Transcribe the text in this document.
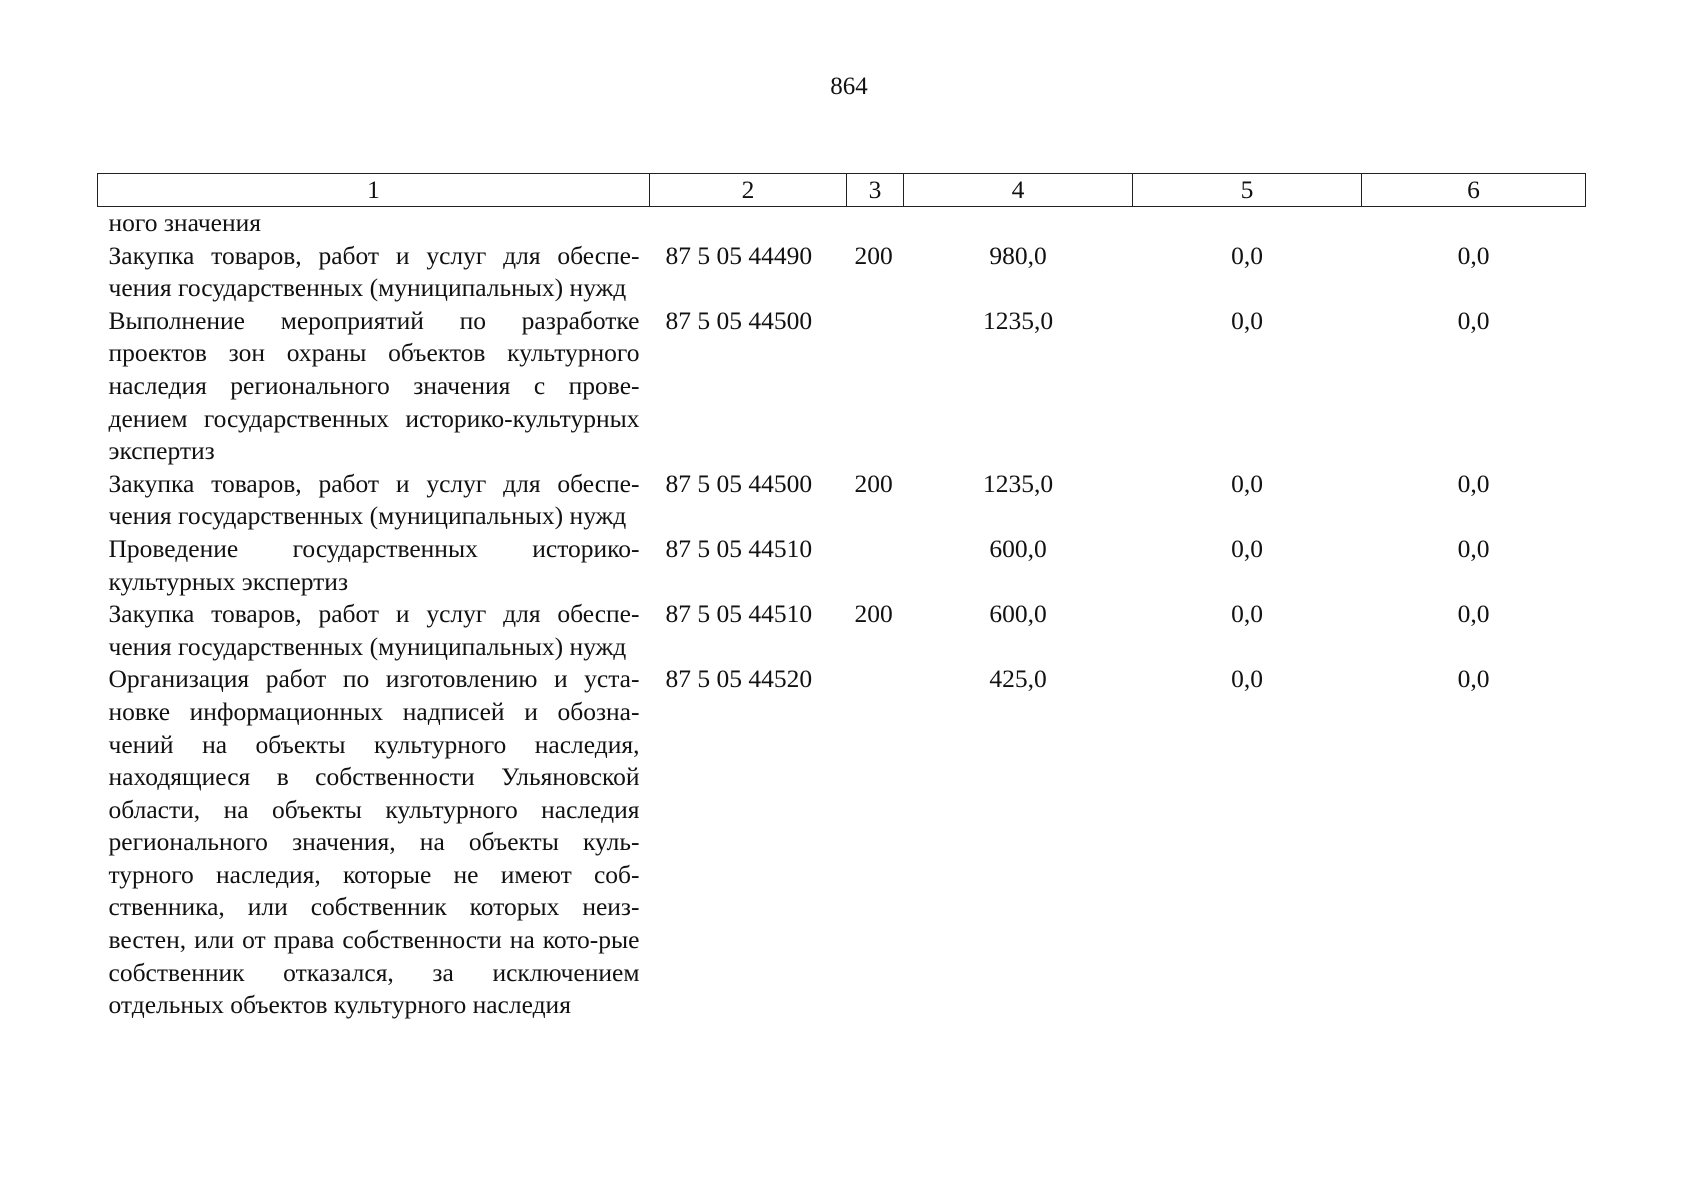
864
1	2	3	4	5	6
ного значения					
Закупка товаров, работ и услуг для обеспе-чения государственных (муниципальных) нужд	87 5 05 44490	200	980,0	0,0	0,0
Выполнение мероприятий по разработке проектов зон охраны объектов культурного наследия регионального значения с прове-дением государственных историко-культурных экспертиз	87 5 05 44500		1235,0	0,0	0,0
Закупка товаров, работ и услуг для обеспе-чения государственных (муниципальных) нужд	87 5 05 44500	200	1235,0	0,0	0,0
Проведение государственных историко-культурных экспертиз	87 5 05 44510		600,0	0,0	0,0
Закупка товаров, работ и услуг для обеспе-чения государственных (муниципальных) нужд	87 5 05 44510	200	600,0	0,0	0,0
Организация работ по изготовлению и уста-новке информационных надписей и обозна-чений на объекты культурного наследия, находящиеся в собственности Ульяновской области, на объекты культурного наследия регионального значения, на объекты куль-турного наследия, которые не имеют соб-ственника, или собственник которых неиз-вестен, или от права собственности на кото-рые собственник отказался, за исключением отдельных объектов культурного наследия	87 5 05 44520		425,0	0,0	0,0
